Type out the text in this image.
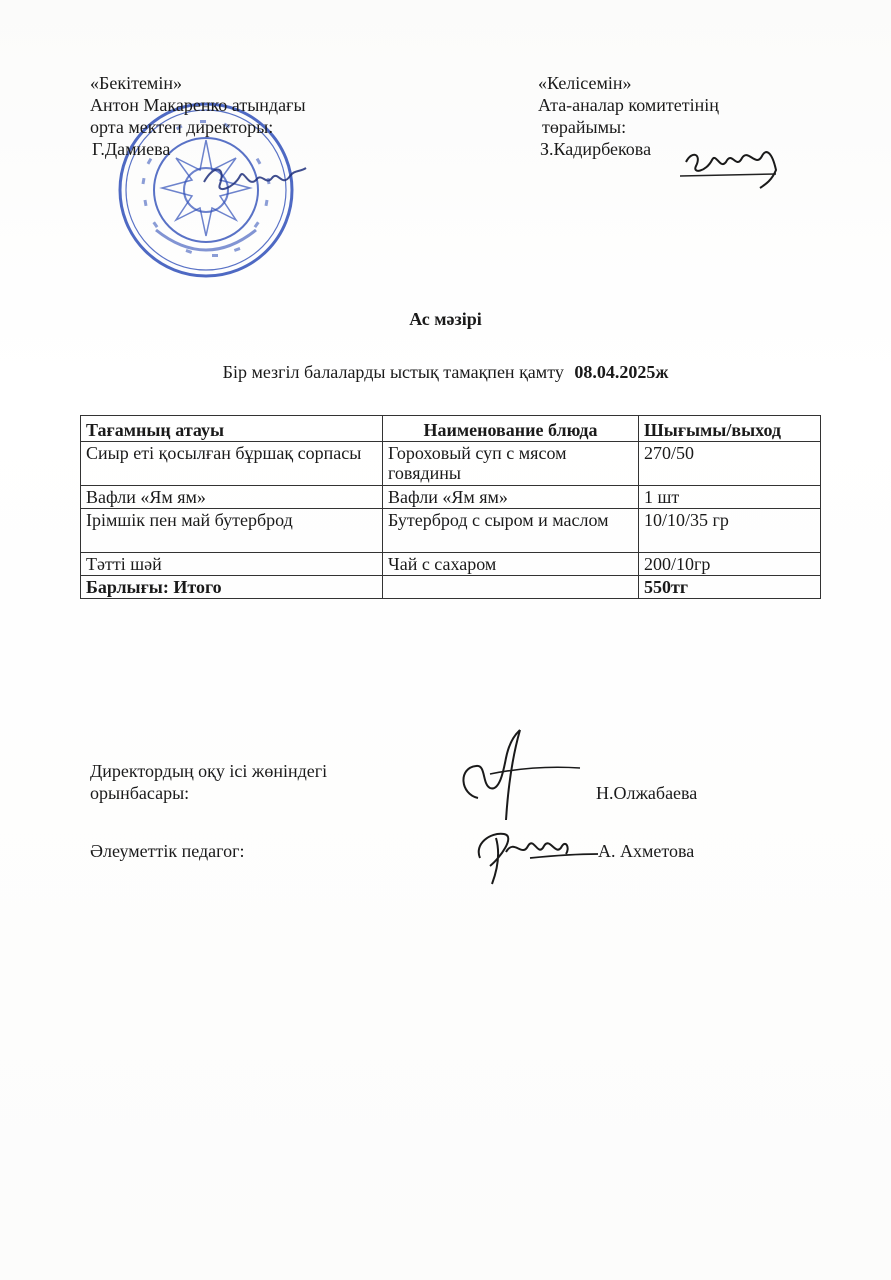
«Бекітемін»
Антон Макаренко атындағы
орта мектеп директоры:
Г.Дамиева
«Келісемін»
Ата-аналар комитетінің
төрайымы:
З.Кадирбекова
Ас мәзірі
Бір мезгіл балаларды ыстық тамақпен қамту 08.04.2025ж
Тағамның атауы	Наименование блюда	Шығымы/выход
Сиыр еті қосылған бұршақ сорпасы	Гороховый суп с мясом говядины	270/50
Вафли «Ям ям»	Вафли «Ям ям»	1 шт
Ірімшік пен май бутерброд	Бутерброд с сыром и маслом	10/10/35 гр
Тәтті шәй	Чай с сахаром	200/10гр
Барлығы: Итого		550тг
Директордың оқу ісі жөніндегі
орынбасары:	Н.Олжабаева
Әлеуметтік педагог:	А. Ахметова
